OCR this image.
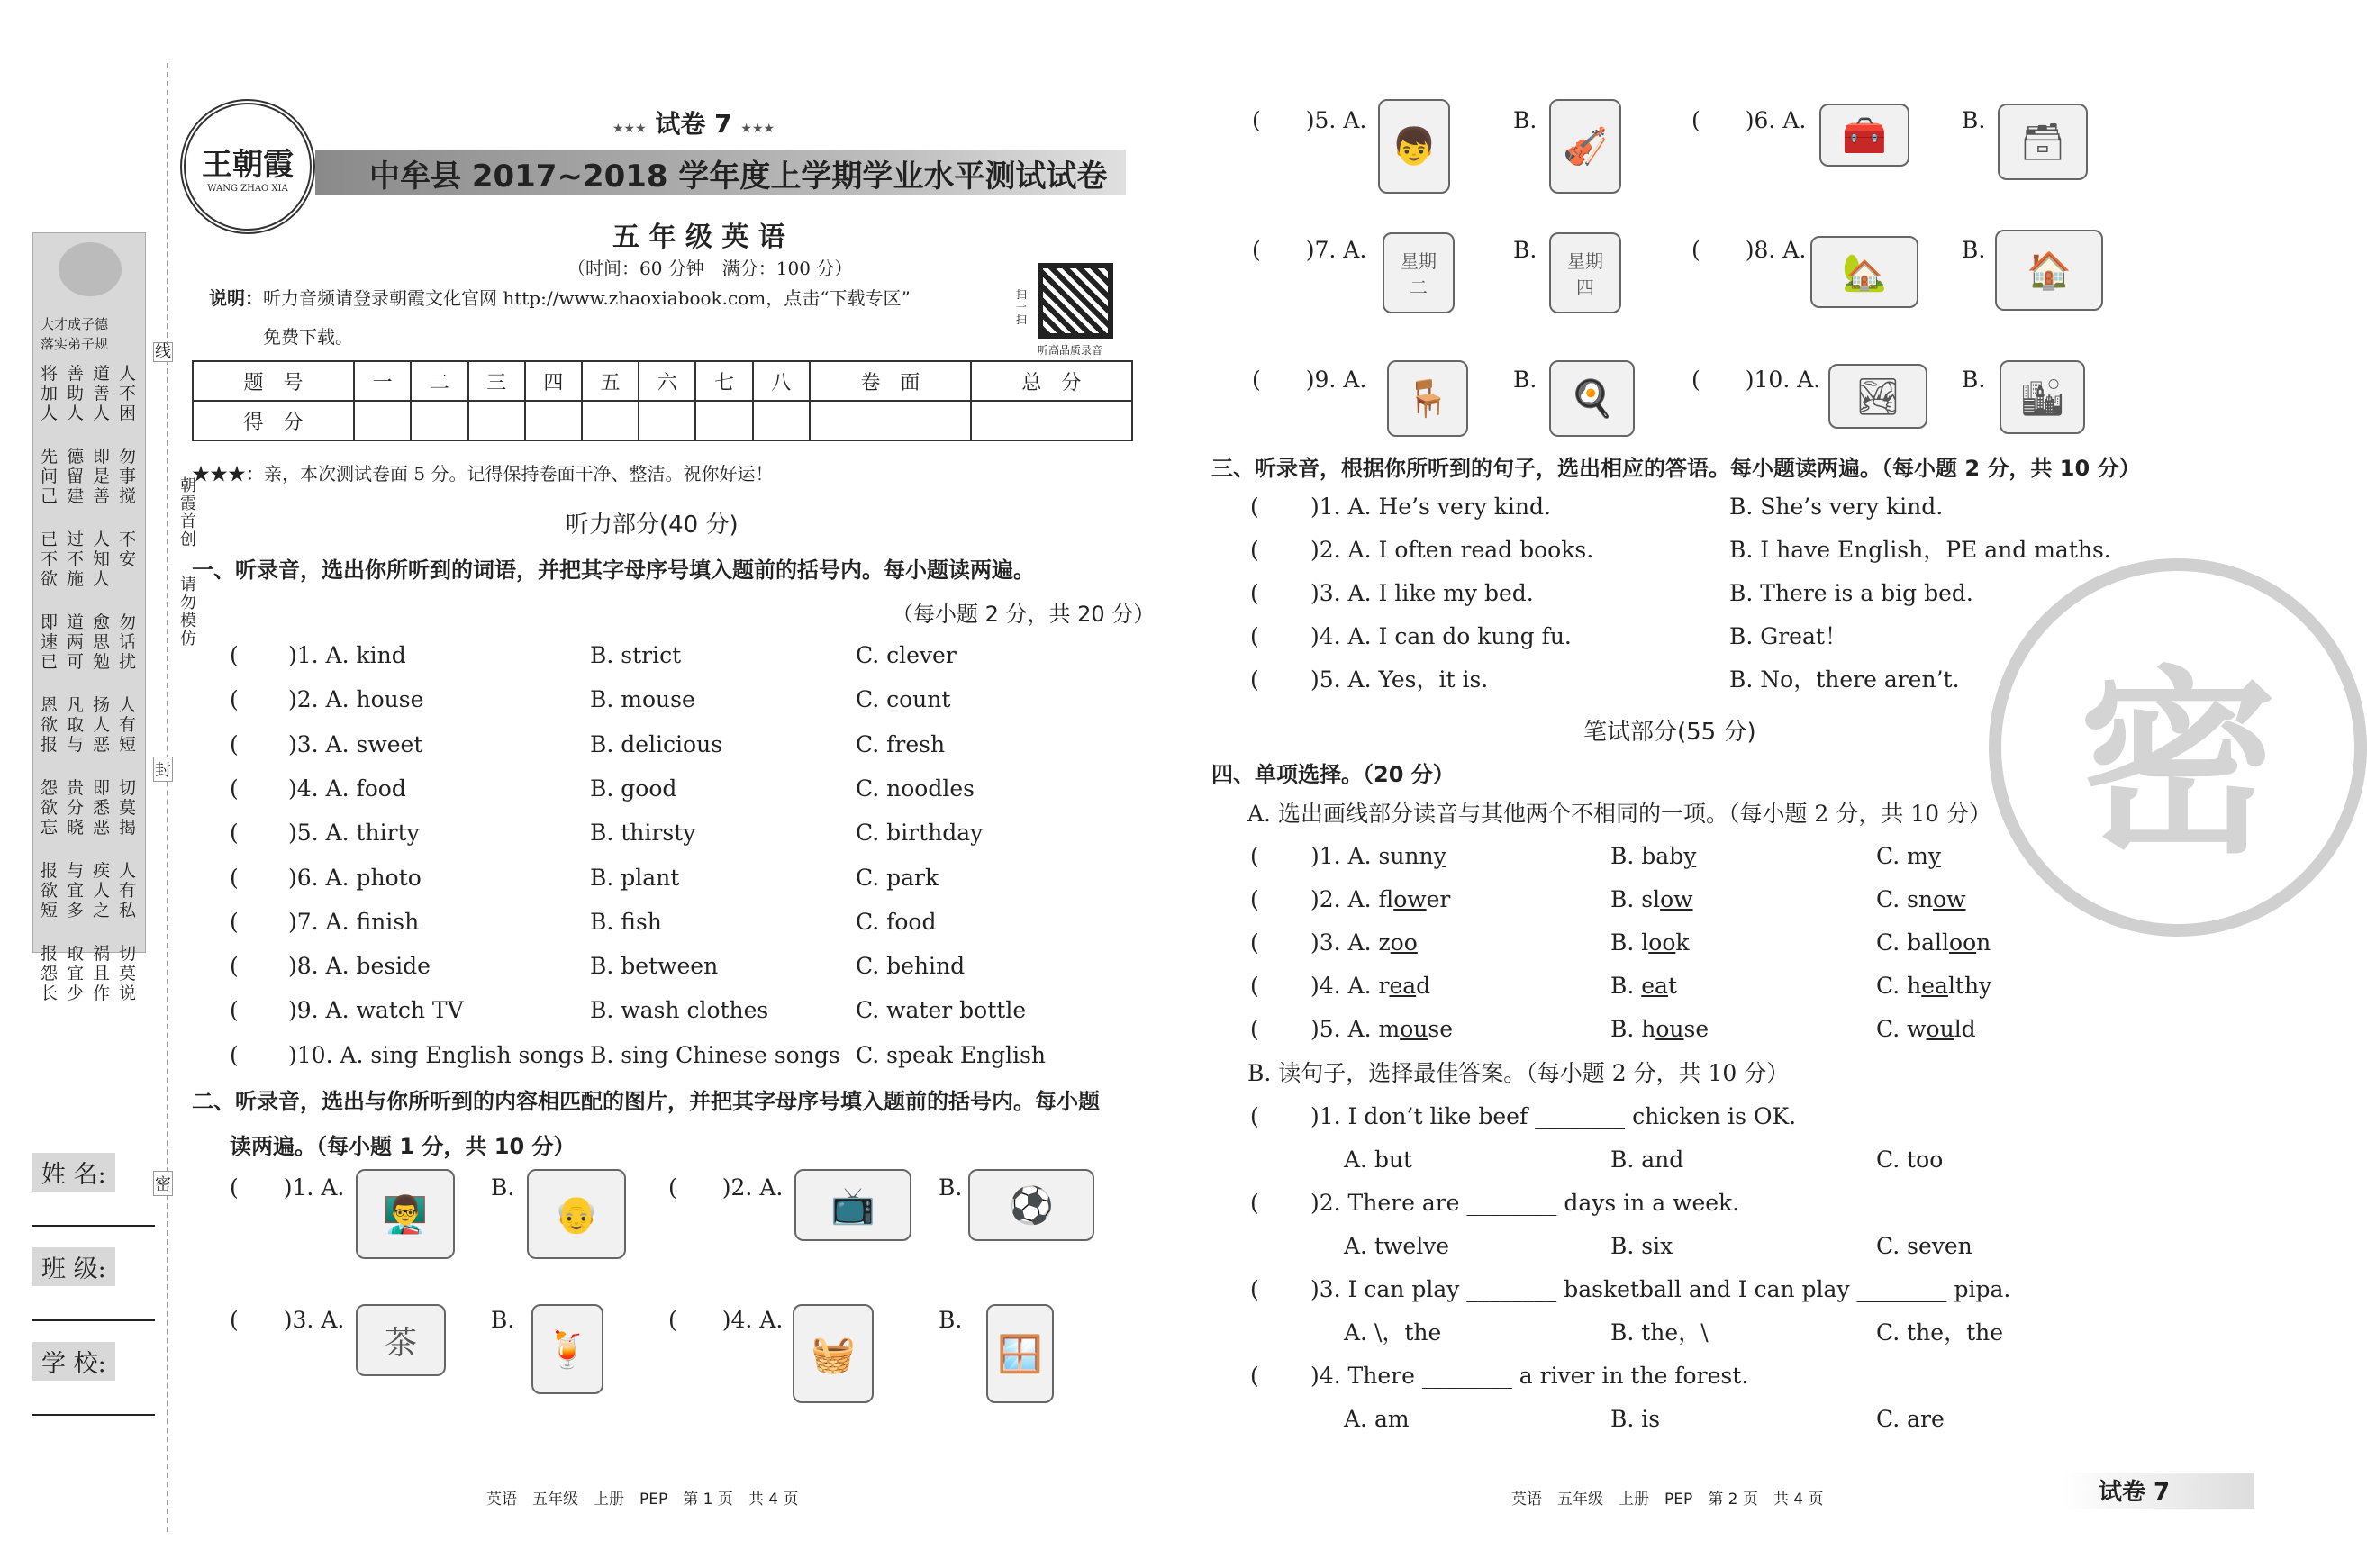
大才成子德
落实弟子规
将加人
善助人
道善人
人不困
先问己
德留建
即是善
勿事搅
已不欲
过不施
人知人
不安
即速已
道两可
愈思勉
勿话扰
恩欲报
凡取与
扬人恶
人有短
怨欲忘
贵分晓
即悉恶
切莫揭
报欲短
与宜多
疾人之
人有私
报怨长
取宜少
祸且作
切莫说
线
朝霞首创
请勿模仿
封
密
姓 名:
班 级:
学 校:
王朝霞
WANG ZHAO XIA
★★★ 试卷 7 ★★★
中牟县 2017~2018 学年度上学期学业水平测试试卷
五 年 级 英 语
（时间：60 分钟　满分：100 分）
说明： 听力音频请登录朝霞文化官网 http://www.zhaoxiabook.com，点击“下载专区”
免费下载。
扫一扫
听高品质录音
题　号	一	二	三	四	五	六	七	八	卷　面	总　分
得　分										
★★★：亲，本次测试卷面 5 分。记得保持卷面干净、整洁。祝你好运！
听力部分(40 分)
一、听录音，选出你所听到的词语，并把其字母序号填入题前的括号内。每小题读两遍。
（每小题 2 分，共 20 分）
( )1. A. kind	B. strict	C. clever
( )2. A. house	B. mouse	C. count
( )3. A. sweet	B. delicious	C. fresh
( )4. A. food	B. good	C. noodles
( )5. A. thirty	B. thirsty	C. birthday
( )6. A. photo	B. plant	C. park
( )7. A. finish	B. fish	C. food
( )8. A. beside	B. between	C. behind
( )9. A. watch TV	B. wash clothes	C. water bottle
( )10. A. sing English songs B. sing Chinese songs C. speak English
二、听录音，选出与你所听到的内容相匹配的图片，并把其字母序号填入题前的括号内。每小题
读两遍。（每小题 1 分，共 10 分）
(　　)1. A.
👨‍🏫
B.
👴
(　　)2. A.	📺	B.	⚽
(　　)3. A.
茶
B.
🍹
(　　)4. A.
🧺
B.
🪟
英语　五年级　上册　PEP　第 1 页　共 4 页
(　　)5. A.
👦
B.
🎻
(　　)6. A. 🧰	B.
🗃
(　　)7. A. 星期二
B. 星期四
(　　)8. A.
🏡
B.	🏠
(　　)9. A.	🪑	B. 🍳	(　　)10. A. 🏞	B. 🏙
三、听录音，根据你所听到的句子，选出相应的答语。每小题读两遍。（每小题 2 分，共 10 分）
( )1. A. He’s very kind.	B. She’s very kind.
( )2. A. I often read books.	B. I have English，PE and maths.
( )3. A. I like my bed.	B. There is a big bed.
( )4. A. I can do kung fu.	B. Great！
( )5. A. Yes，it is.	B. No，there aren’t. 密
笔试部分(55 分)
四、单项选择。（20 分）
A. 选出画线部分读音与其他两个不相同的一项。（每小题 2 分，共 10 分）
( )1. A. sunny	B. baby	C. my
( )2. A. flower	B. slow	C. snow
( )3. A. zoo	B. look	C. balloon
( )4. A. read	B. eat	C. healthy
( )5. A. mouse	B. house	C. would
B. 读句子，选择最佳答案。（每小题 2 分，共 10 分）
( )1. I don’t like beef ________ chicken is OK.
A. but	B. and	C. too
( )2. There are ________ days in a week.
A. twelve	B. six	C. seven
( )3. I can play ________ basketball and I can play ________ pipa.
A. \，the	B. the，\	C. the，the
( )4. There ________ a river in the forest.
A. am	B. is	C. are
英语　五年级　上册　PEP　第 2 页　共 4 页	试卷 7
